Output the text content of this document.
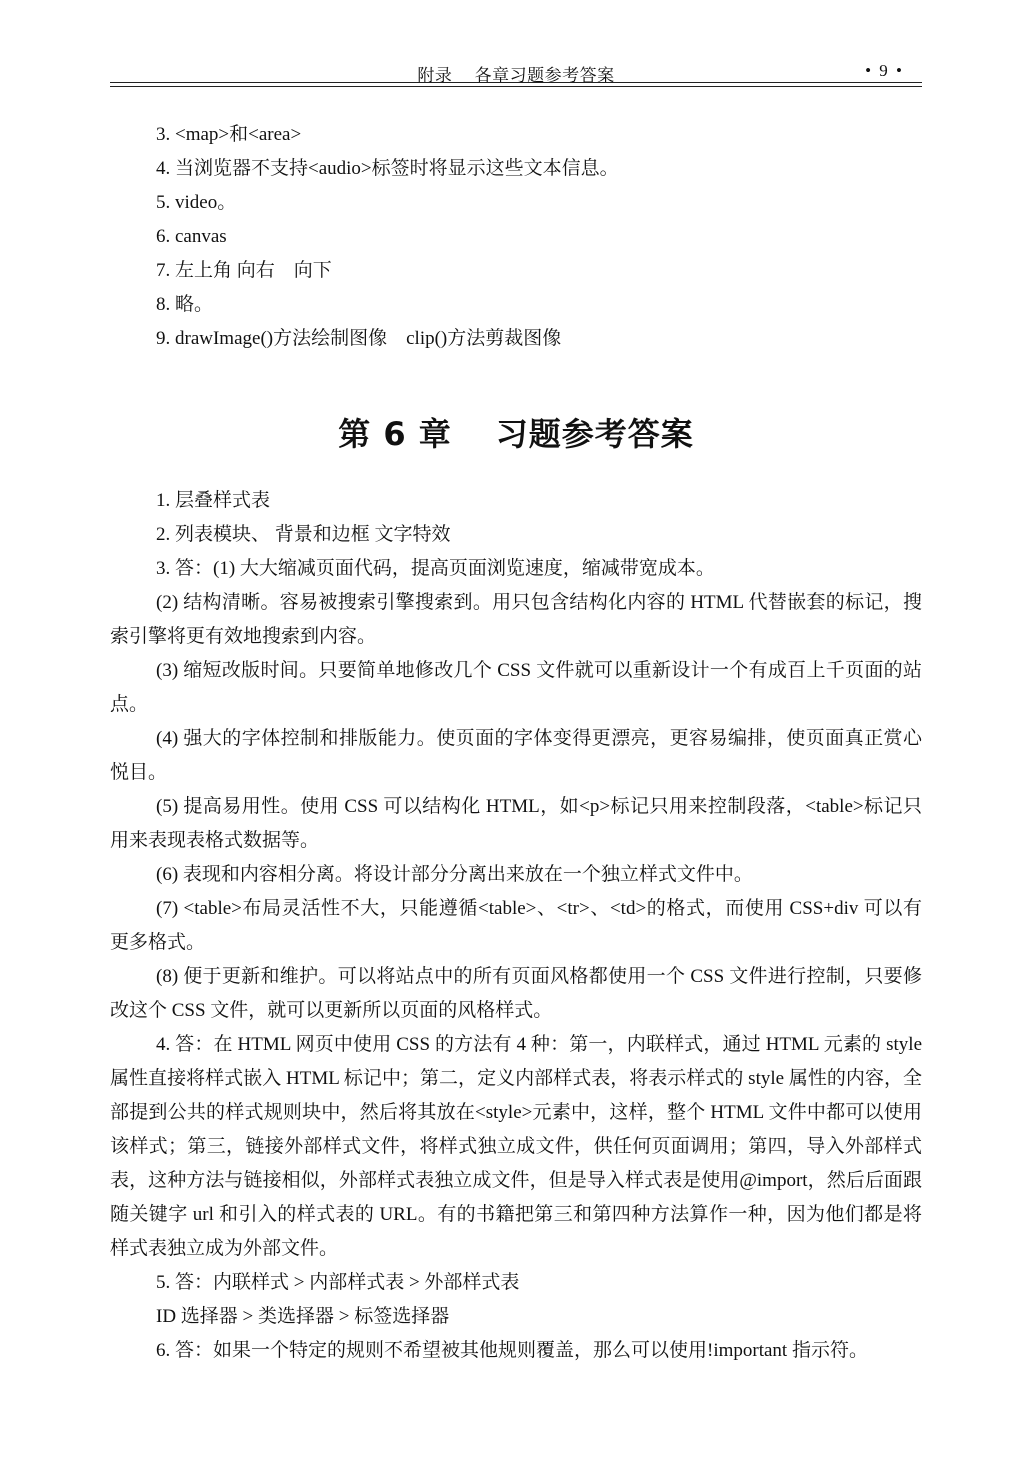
附录　 各章习题参考答案	• 9 •

3. <map>和<area>

4. 当浏览器不支持<audio>标签时将显示这些文本信息。

5. video。

6. canvas

7. 左上角 向右　向下

8. 略。

9. drawImage()方法绘制图像　clip()方法剪裁图像

第 6 章 习题参考答案

1. 层叠样式表

2. 列表模块、 背景和边框 文字特效

3. 答：(1) 大大缩减页面代码，提高页面浏览速度，缩减带宽成本。

(2) 结构清晰。容易被搜索引擎搜索到。用只包含结构化内容的 HTML 代替嵌套的标记，搜索引擎将更有效地搜索到内容。

(3) 缩短改版时间。只要简单地修改几个 CSS 文件就可以重新设计一个有成百上千页面的站点。

(4) 强大的字体控制和排版能力。使页面的字体变得更漂亮，更容易编排，使页面真正赏心悦目。

(5) 提高易用性。使用 CSS 可以结构化 HTML，如<p>标记只用来控制段落，<table>标记只用来表现表格式数据等。

(6) 表现和内容相分离。将设计部分分离出来放在一个独立样式文件中。

(7) <table>布局灵活性不大，只能遵循<table>、<tr>、<td>的格式，而使用 CSS+div 可以有更多格式。

(8) 便于更新和维护。可以将站点中的所有页面风格都使用一个 CSS 文件进行控制，只要修改这个 CSS 文件，就可以更新所以页面的风格样式。

4. 答：在 HTML 网页中使用 CSS 的方法有 4 种：第一，内联样式，通过 HTML 元素的 style 属性直接将样式嵌入 HTML 标记中；第二，定义内部样式表，将表示样式的 style 属性的内容，全部提到公共的样式规则块中，然后将其放在<style>元素中，这样，整个 HTML 文件中都可以使用该样式；第三，链接外部样式文件，将样式独立成文件，供任何页面调用；第四，导入外部样式表，这种方法与链接相似，外部样式表独立成文件，但是导入样式表是使用@import，然后后面跟随关键字 url 和引入的样式表的 URL。有的书籍把第三和第四种方法算作一种，因为他们都是将样式表独立成为外部文件。

5. 答：内联样式 > 内部样式表 > 外部样式表

ID 选择器 > 类选择器 > 标签选择器

6. 答：如果一个特定的规则不希望被其他规则覆盖，那么可以使用!important 指示符。
